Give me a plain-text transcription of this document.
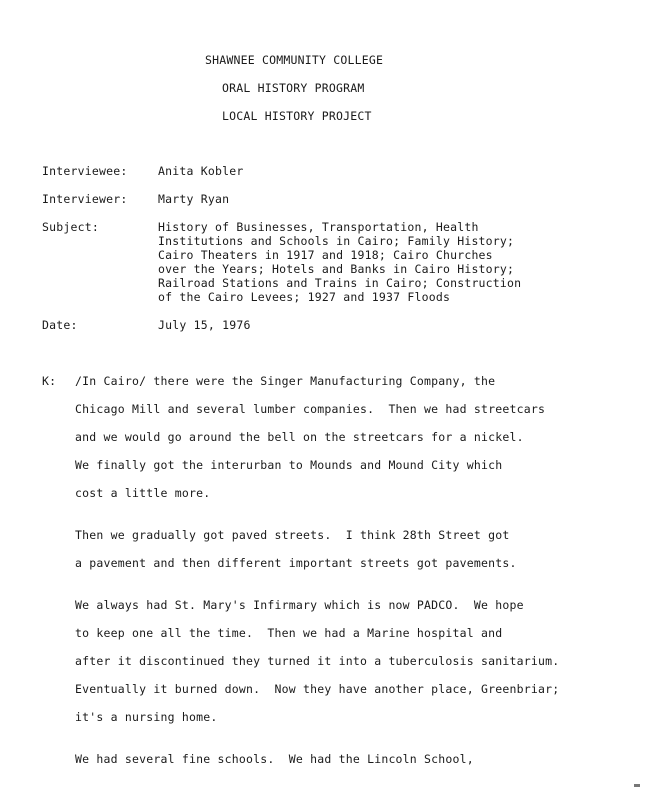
SHAWNEE COMMUNITY COLLEGE
ORAL HISTORY PROGRAM
LOCAL HISTORY PROJECT
Interviewee:	Anita Kobler
Interviewer:	Marty Ryan
Subject:	History of Businesses, Transportation, Health
Institutions and Schools in Cairo; Family History;
Cairo Theaters in 1917 and 1918; Cairo Churches
over the Years; Hotels and Banks in Cairo History;
Railroad Stations and Trains in Cairo; Construction
of the Cairo Levees; 1927 and 1937 Floods
Date:	July 15, 1976
K: /In Cairo/ there were the Singer Manufacturing Company, the
Chicago Mill and several lumber companies.  Then we had streetcars
and we would go around the bell on the streetcars for a nickel.
We finally got the interurban to Mounds and Mound City which
cost a little more.
Then we gradually got paved streets.  I think 28th Street got
a pavement and then different important streets got pavements.
We always had St. Mary's Infirmary which is now PADCO.  We hope
to keep one all the time.  Then we had a Marine hospital and
after it discontinued they turned it into a tuberculosis sanitarium.
Eventually it burned down.  Now they have another place, Greenbriar;
it's a nursing home.
We had several fine schools.  We had the Lincoln School,
